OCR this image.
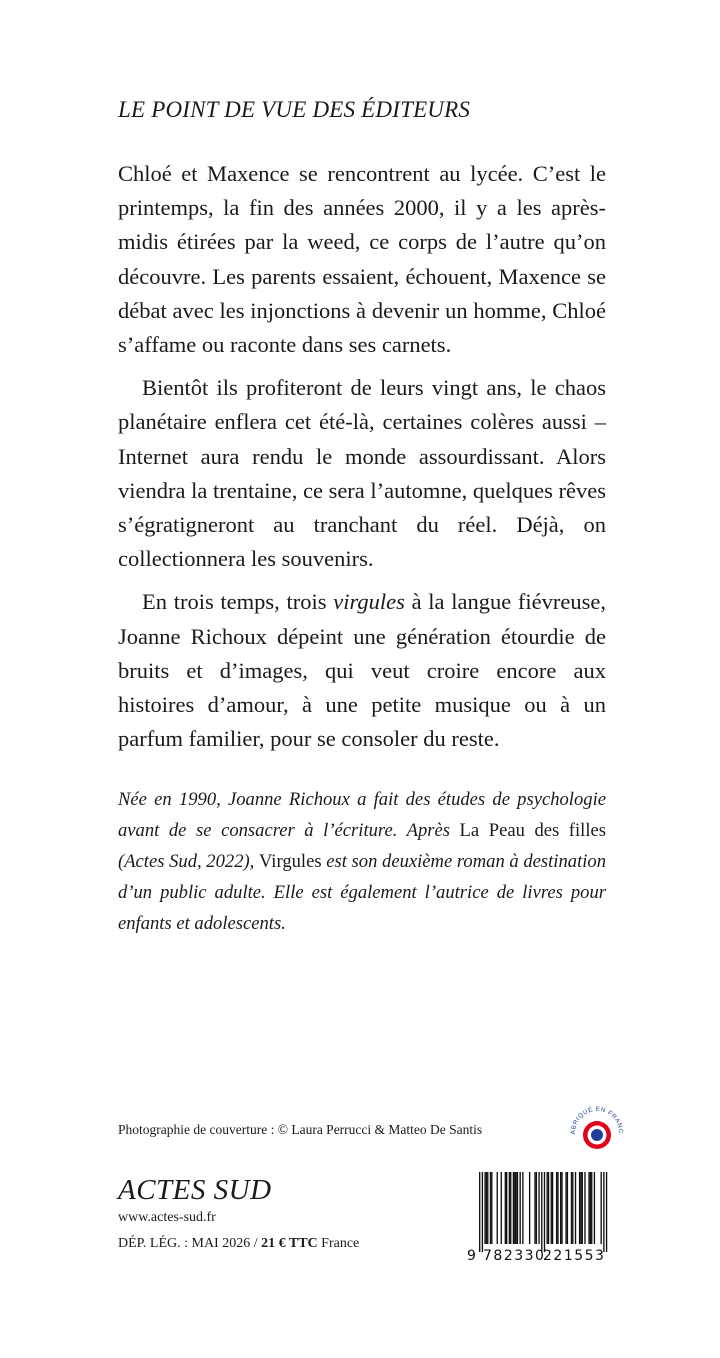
LE POINT DE VUE DES ÉDITEURS

Chloé et Maxence se rencontrent au lycée. C’est le printemps, la fin des années 2000, il y a les après-midis étirées par la weed, ce corps de l’autre qu’on découvre. Les parents essaient, échouent, Maxence se débat avec les injonctions à devenir un homme, Chloé s’affame ou raconte dans ses carnets.

Bientôt ils profiteront de leurs vingt ans, le chaos planétaire enflera cet été-là, certaines colères aussi – Internet aura rendu le monde assourdissant. Alors viendra la trentaine, ce sera l’automne, quelques rêves s’égratigneront au tranchant du réel. Déjà, on collectionnera les souvenirs.

En trois temps, trois virgules à la langue fiévreuse, Joanne Richoux dépeint une génération étourdie de bruits et d’images, qui veut croire encore aux histoires d’amour, à une petite musique ou à un parfum familier, pour se consoler du reste.

Née en 1990, Joanne Richoux a fait des études de psychologie avant de se consacrer à l’écriture. Après La Peau des filles (Actes Sud, 2022), Virgules est son deuxième roman à destination d’un public adulte. Elle est également l’autrice de livres pour enfants et adolescents.
Photographie de couverture : © Laura Perrucci & Matteo De Santis	ABRIQUÉ EN FRANC
ACTES SUD
www.actes-sud.fr
DÉP. LÉG. : MAI 2026 / 21 € TTC France
9 782330
221553
